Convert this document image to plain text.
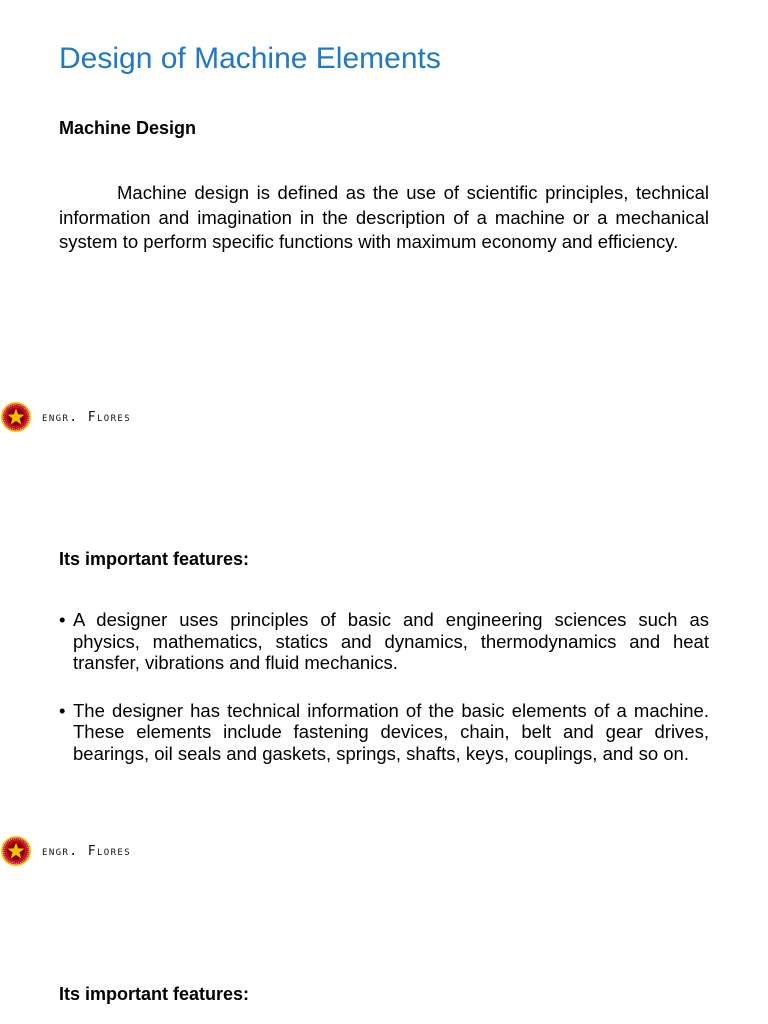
Design of Machine Elements
Machine Design

Machine design is defined as the use of scientific principles, technical information and imagination in the description of a machine or a mechanical system to perform specific functions with maximum economy and efficiency.

engr. Flores
Its important features:
• A designer uses principles of basic and engineering sciences such as physics, mathematics, statics and dynamics, thermodynamics and heat transfer, vibrations and fluid mechanics.
• The designer has technical information of the basic elements of a machine. These elements include fastening devices, chain, belt and gear drives, bearings, oil seals and gaskets, springs, shafts, keys, couplings, and so on.
engr. Flores
Its important features:
